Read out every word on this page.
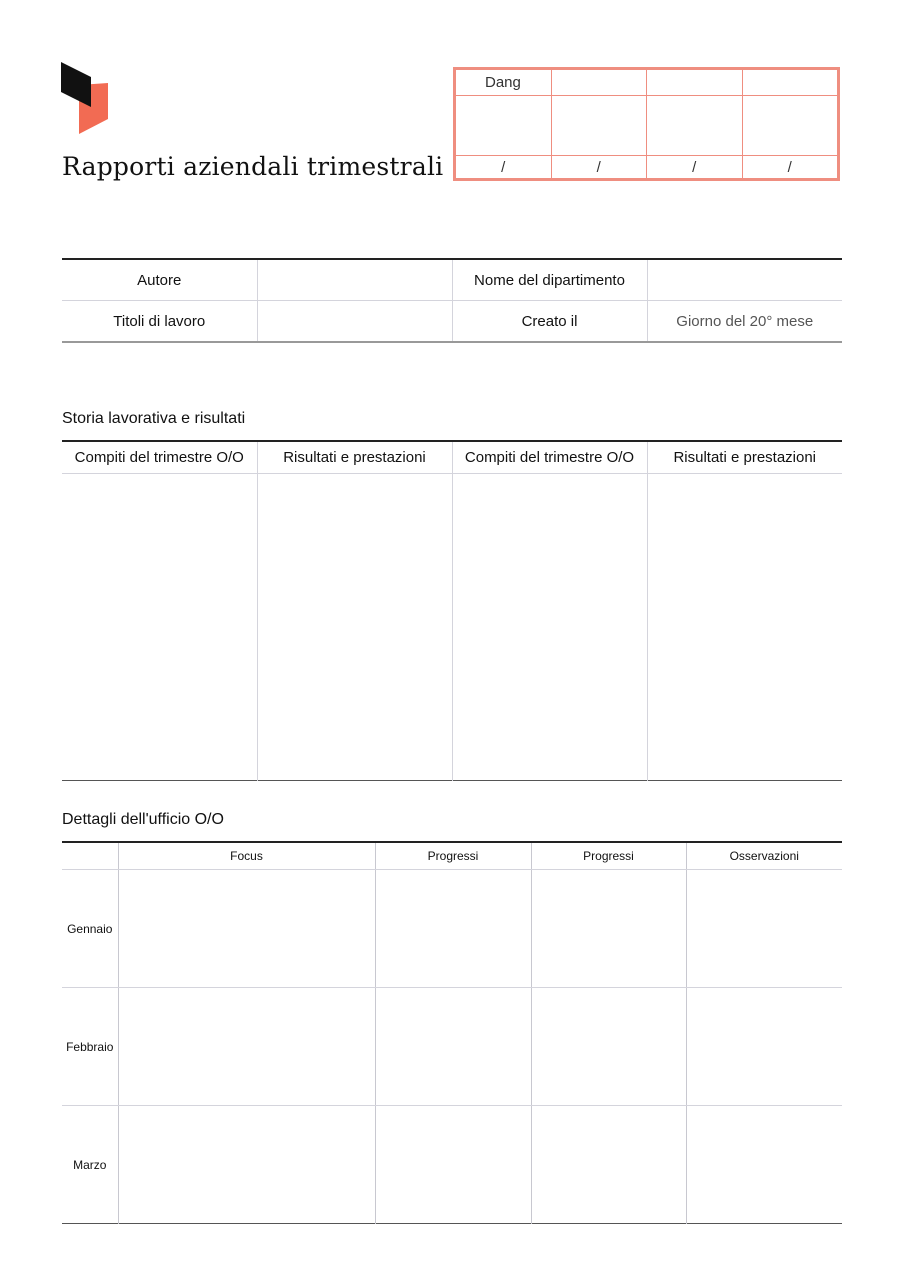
Rapporti aziendali trimestrali
Dang			

/	/	/	/
Autore		Nome del dipartimento	
Titoli di lavoro		Creato il	Giorno del 20° mese
Storia lavorativa e risultati
Compiti del trimestre O/O	Risultati e prestazioni	Compiti del trimestre O/O	Risultati e prestazioni

Dettagli dell'ufficio O/O
	Focus	Progressi	Progressi	Osservazioni
Gennaio				
Febbraio				
Marzo				
